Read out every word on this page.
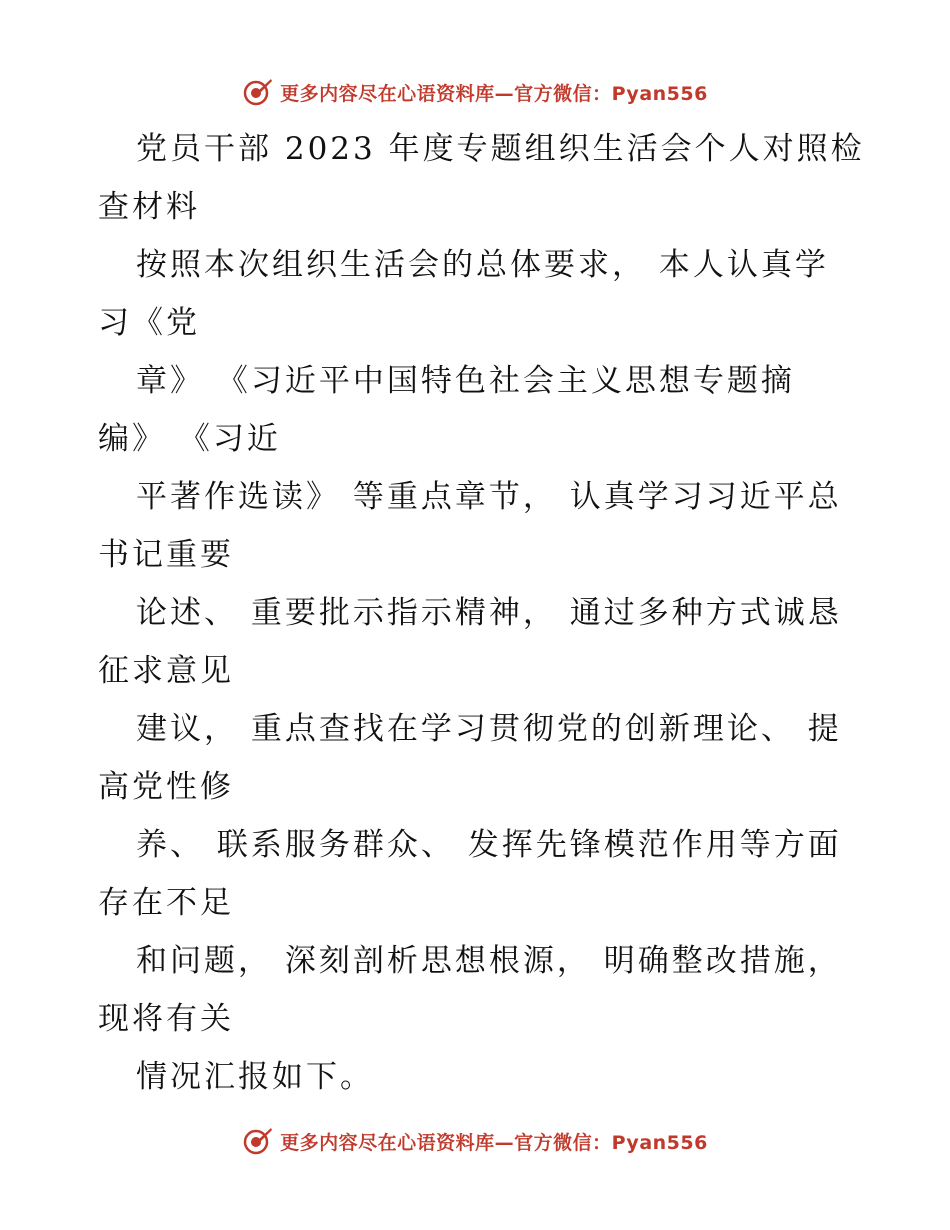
更多内容尽在心语资料库—官方微信：Pyan556
党员干部 2023 年度专题组织生活会个人对照检
查材料
按照本次组织生活会的总体要求， 本人认真学
习《党
章》 《习近平中国特色社会主义思想专题摘
编》 《习近
平著作选读》 等重点章节， 认真学习习近平总
书记重要
论述、 重要批示指示精神， 通过多种方式诚恳
征求意见
建议， 重点查找在学习贯彻党的创新理论、 提
高党性修
养、 联系服务群众、 发挥先锋模范作用等方面
存在不足
和问题， 深刻剖析思想根源， 明确整改措施，
现将有关
情况汇报如下。
更多内容尽在心语资料库—官方微信：Pyan556
